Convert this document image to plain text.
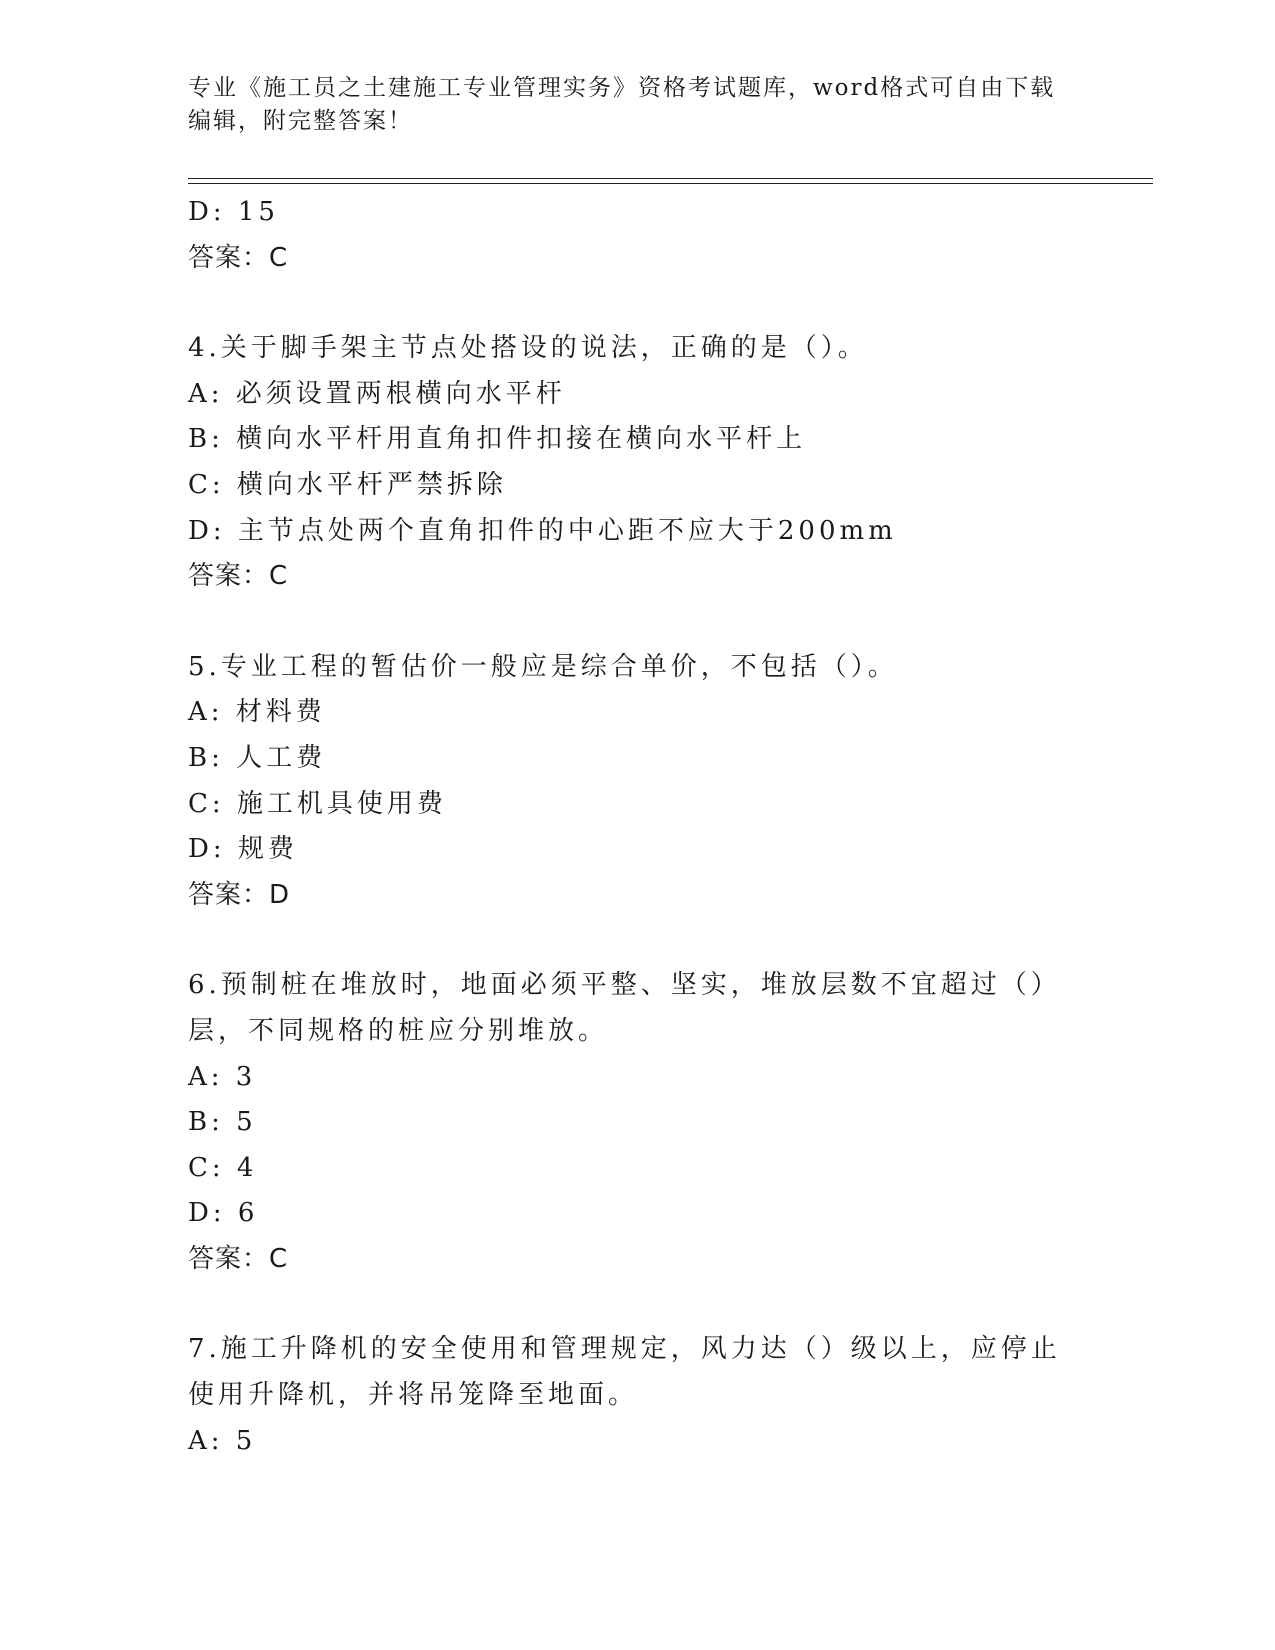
专业《施工员之土建施工专业管理实务》资格考试题库，word格式可自由下载编辑，附完整答案！
D: 15
答案：C
4.关于脚手架主节点处搭设的说法，正确的是（）。
A: 必须设置两根横向水平杆
B: 横向水平杆用直角扣件扣接在横向水平杆上
C: 横向水平杆严禁拆除
D: 主节点处两个直角扣件的中心距不应大于200mm
答案：C
5.专业工程的暂估价一般应是综合单价，不包括（）。
A: 材料费
B: 人工费
C: 施工机具使用费
D: 规费
答案：D
6.预制桩在堆放时，地面必须平整、坚实，堆放层数不宜超过（）层，不同规格的桩应分别堆放。
A: 3
B: 5
C: 4
D: 6
答案：C
7.施工升降机的安全使用和管理规定，风力达（）级以上，应停止使用升降机，并将吊笼降至地面。
A: 5
